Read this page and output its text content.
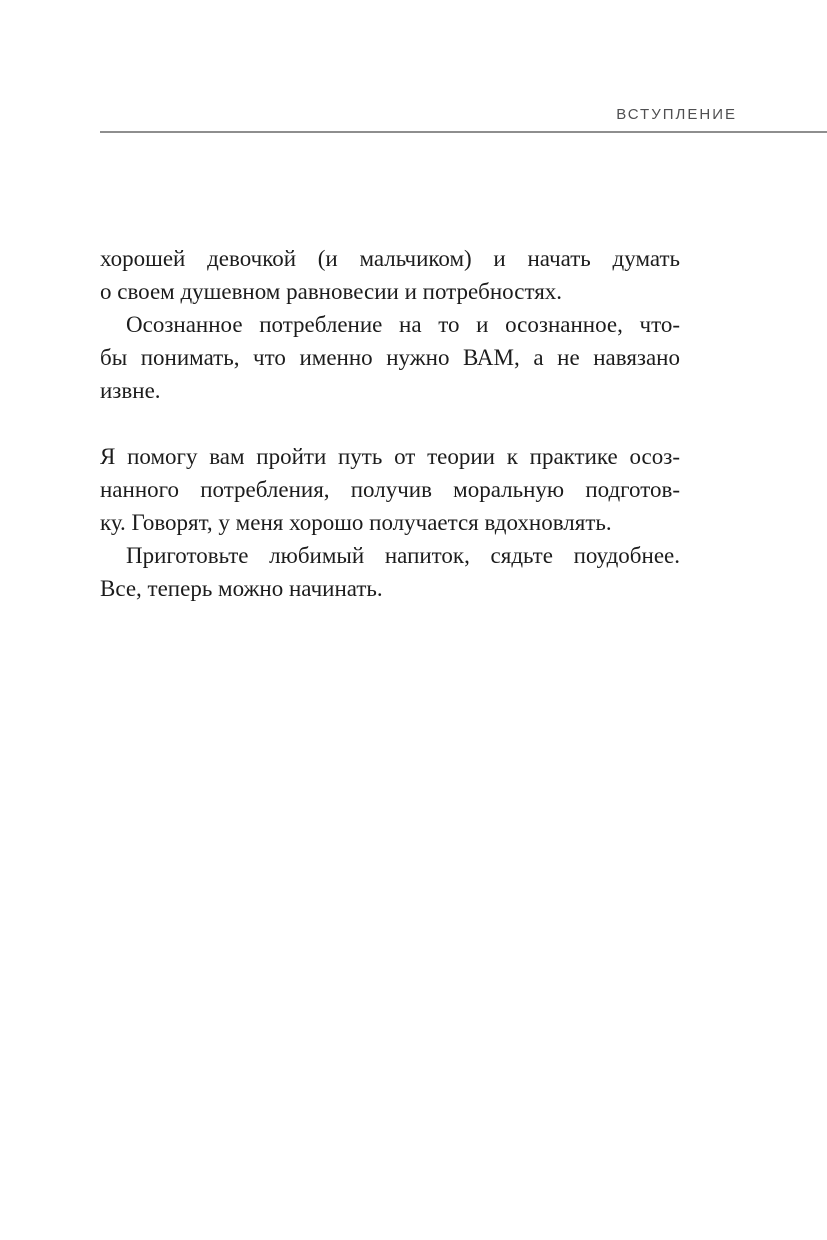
ВСТУПЛЕНИЕ
хорошей девочкой (и мальчиком) и начать думать
о своем душевном равновесии и потребностях.
Осознанное потребление на то и осознанное, что-
бы понимать, что именно нужно ВАМ, а не навязано
извне.
Я помогу вам пройти путь от теории к практике осоз-
нанного потребления, получив моральную подготов-
ку. Говорят, у меня хорошо получается вдохновлять.
Приготовьте любимый напиток, сядьте поудобнее.
Все, теперь можно начинать.
